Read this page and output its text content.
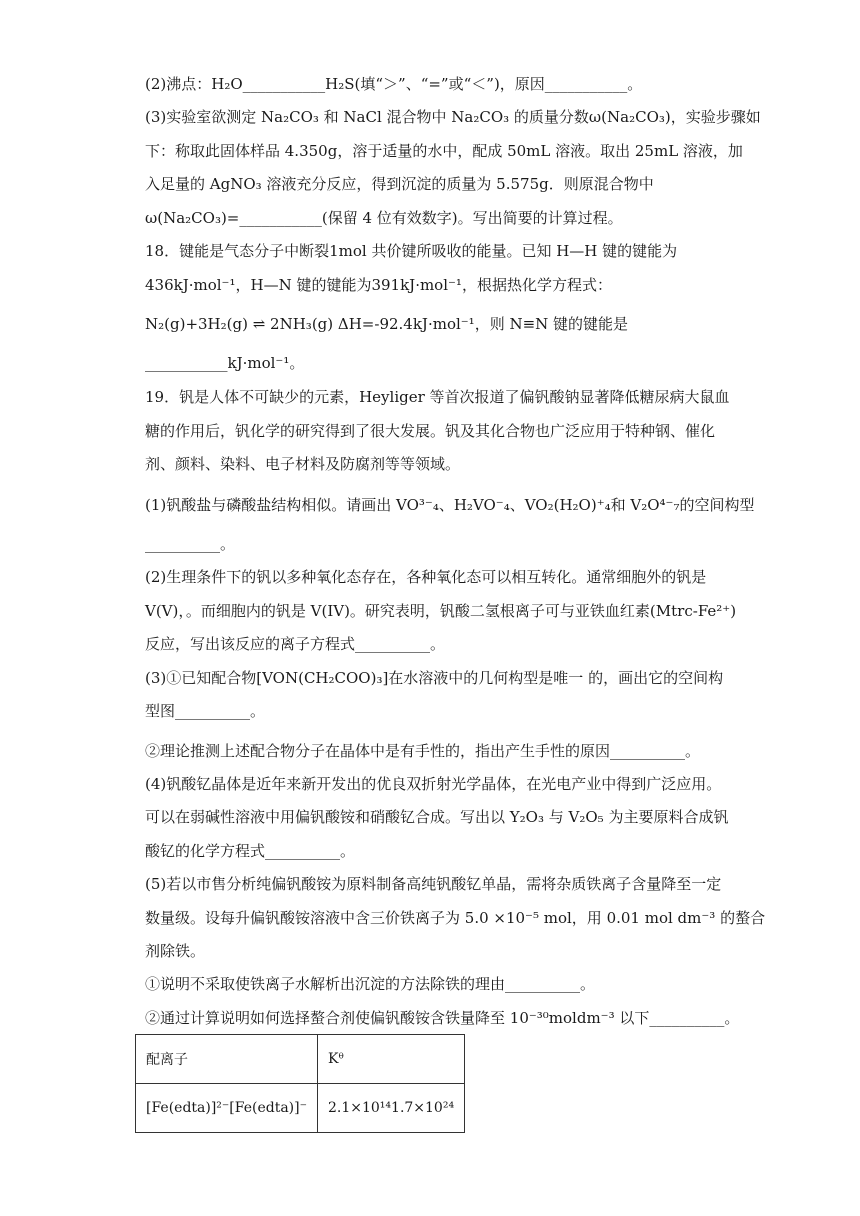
(2)沸点：H₂O___________H₂S(填“＞”、“=”或“＜”)，原因___________。
(3)实验室欲测定 Na₂CO₃ 和 NaCl 混合物中 Na₂CO₃ 的质量分数ω(Na₂CO₃)，实验步骤如
下：称取此固体样品 4.350g，溶于适量的水中，配成 50mL 溶液。取出 25mL 溶液，加
入足量的 AgNO₃ 溶液充分反应，得到沉淀的质量为 5.575g．则原混合物中
ω(Na₂CO₃)=___________(保留 4 位有效数字)。写出简要的计算过程。
18．键能是气态分子中断裂1mol 共价键所吸收的能量。已知 H—H 键的键能为
436kJ·mol⁻¹，H—N 键的键能为391kJ·mol⁻¹，根据热化学方程式：
N₂(g)+3H₂(g) ⇌ 2NH₃(g) ΔH=-92.4kJ·mol⁻¹，则 N≡N 键的键能是
___________kJ·mol⁻¹。
19．钒是人体不可缺少的元素，Heyliger 等首次报道了偏钒酸钠显著降低糖尿病大鼠血
糖的作用后，钒化学的研究得到了很大发展。钒及其化合物也广泛应用于特种钢、催化
剂、颜料、染料、电子材料及防腐剂等等领域。
(1)钒酸盐与磷酸盐结构相似。请画出 VO³⁻₄、H₂VO⁻₄、VO₂(H₂O)⁺₄和 V₂O⁴⁻₇的空间构型
__________。
(2)生理条件下的钒以多种氧化态存在，各种氧化态可以相互转化。通常细胞外的钒是
V(V)，。而细胞内的钒是 V(IV)。研究表明，钒酸二氢根离子可与亚铁血红素(Mtrc-Fe²⁺)
反应，写出该反应的离子方程式__________。
(3)①已知配合物[VON(CH₂COO)₃]在水溶液中的几何构型是唯一 的，画出它的空间构
型图__________。
②理论推测上述配合物分子在晶体中是有手性的，指出产生手性的原因__________。
(4)钒酸钇晶体是近年来新开发出的优良双折射光学晶体，在光电产业中得到广泛应用。
可以在弱碱性溶液中用偏钒酸铵和硝酸钇合成。写出以 Y₂O₃ 与 V₂O₅ 为主要原料合成钒
酸钇的化学方程式__________。
(5)若以市售分析纯偏钒酸铵为原料制备高纯钒酸钇单晶，需将杂质铁离子含量降至一定
数量级。设每升偏钒酸铵溶液中含三价铁离子为 5.0 ×10⁻⁵ mol，用 0.01 mol dm⁻³ 的螯合
剂除铁。
①说明不采取使铁离子水解析出沉淀的方法除铁的理由__________。
②通过计算说明如何选择螯合剂使偏钒酸铵含铁量降至 10⁻³⁰moldm⁻³ 以下__________。
配离子	Kᶿ
[Fe(edta)]²⁻[Fe(edta)]⁻	2.1×10¹⁴1.7×10²⁴
